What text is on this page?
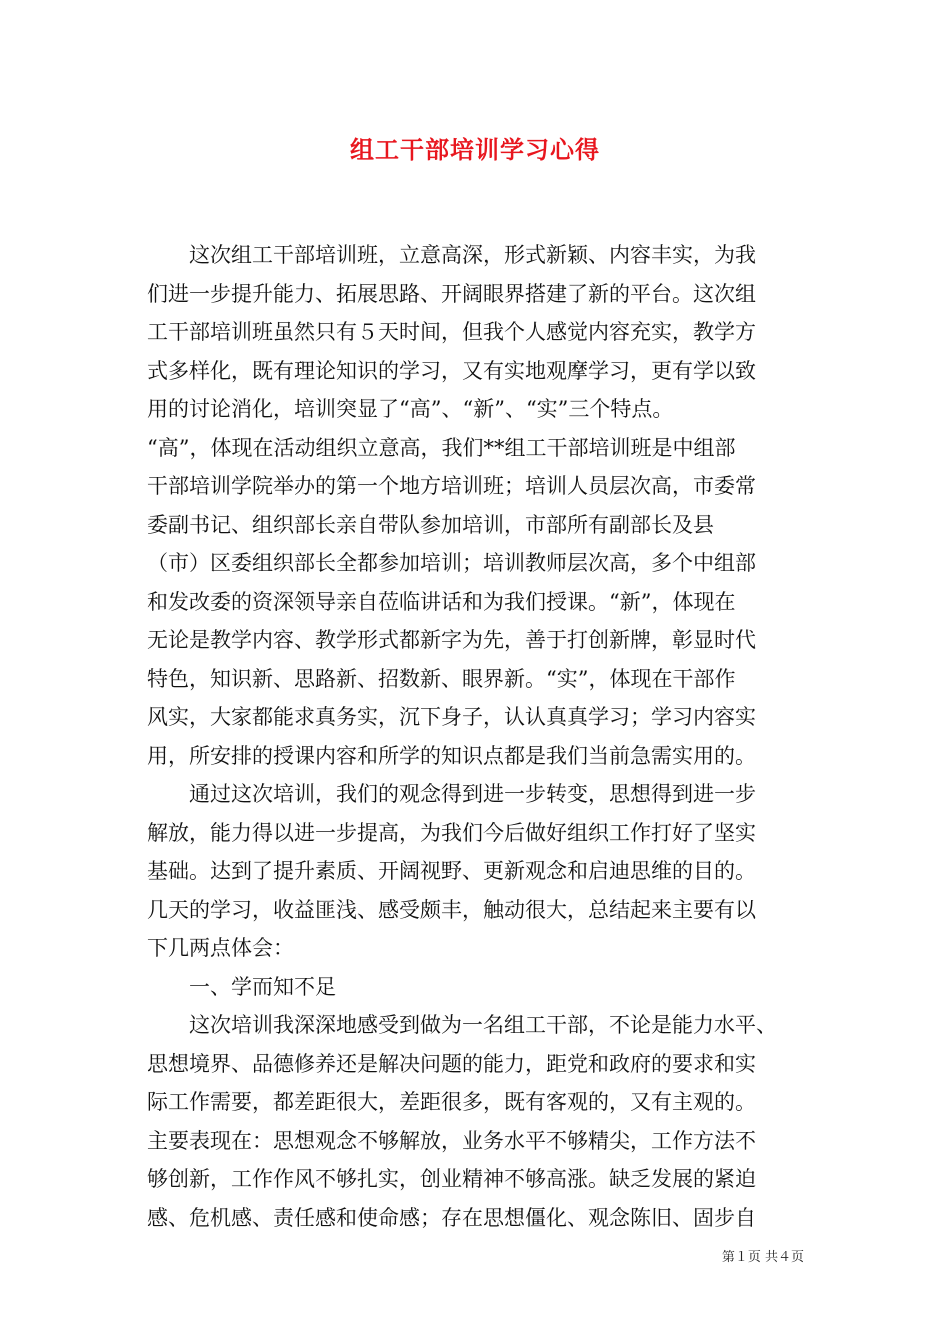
组工干部培训学习心得
这次组工干部培训班，立意高深，形式新颖、内容丰实，为我
们进一步提升能力、拓展思路、开阔眼界搭建了新的平台。这次组
工干部培训班虽然只有５天时间，但我个人感觉内容充实，教学方
式多样化，既有理论知识的学习，又有实地观摩学习，更有学以致
用的讨论消化，培训突显了“高”、“新”、“实”三个特点。
“高”，体现在活动组织立意高，我们**组工干部培训班是中组部
干部培训学院举办的第一个地方培训班；培训人员层次高，市委常
委副书记、组织部长亲自带队参加培训，市部所有副部长及县
（市）区委组织部长全都参加培训；培训教师层次高，多个中组部
和发改委的资深领导亲自莅临讲话和为我们授课。“新”，体现在
无论是教学内容、教学形式都新字为先，善于打创新牌，彰显时代
特色，知识新、思路新、招数新、眼界新。“实”，体现在干部作
风实，大家都能求真务实，沉下身子，认认真真学习；学习内容实
用，所安排的授课内容和所学的知识点都是我们当前急需实用的。
通过这次培训，我们的观念得到进一步转变，思想得到进一步
解放，能力得以进一步提高，为我们今后做好组织工作打好了坚实
基础。达到了提升素质、开阔视野、更新观念和启迪思维的目的。
几天的学习，收益匪浅、感受颇丰，触动很大，总结起来主要有以
下几两点体会：
一、学而知不足
这次培训我深深地感受到做为一名组工干部，不论是能力水平、
思想境界、品德修养还是解决问题的能力，距党和政府的要求和实
际工作需要，都差距很大，差距很多，既有客观的，又有主观的。
主要表现在：思想观念不够解放，业务水平不够精尖，工作方法不
够创新，工作作风不够扎实，创业精神不够高涨。缺乏发展的紧迫
感、危机感、责任感和使命感；存在思想僵化、观念陈旧、固步自
第１页 共４页
